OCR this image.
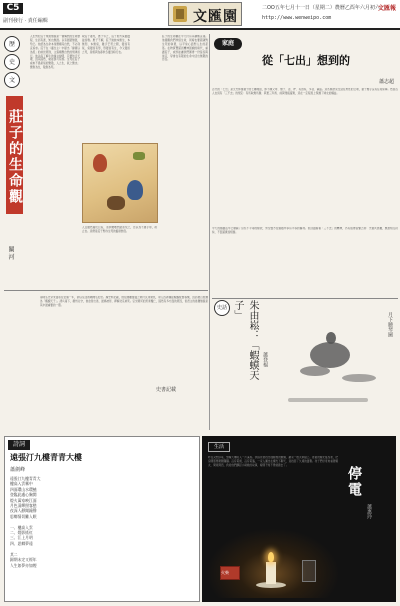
C5
副刊發行 · 責任編輯	文匯園
二OO五年七月十一日（星期二）農曆乙酉年六月初六
文匯報
http://www.wenweipo.com
歷
史
文
莊子的生命觀
關 河
人生對於莊子來說無疑是一個偶然的生命歷程，生而有涯，知也無涯。以有涯隨無涯，殆已。他認為生命本身應順其自然，不必刻意追求。莊子在《養生主》中提出「緣督以為經」的處世原則，主張順應自然的規律而行。他以庖丁解牛的寓言說明，只要依乎天理，因其固然，就能游刃有餘。生死在莊子看來不過是氣的聚散，人之生，氣之聚也；聚則為生，散則為死。
故莊子妻死，惠子弔之，莊子則方箕踞鼓盆而歌。惠子不解，莊子說她本無生，本無形，本無氣，雜乎芒芴之間，變而有氣，氣變而有形，形變而有生，今又變而之死，是相與為春秋冬夏四時行也。
人且偃然寢於巨室，而我噭噭然隨而哭之，自以為不通乎命，故止也。這便是莊子對待生死的豁達態度。
莊子的生命觀在今天仍有其積極意義。他提醒我們珍惜生命，同時也要超越對生死的執著，以平常心面對人生的起落。在物質豐富而精神困頓的時代，重讀莊子，或許能讓我們獲得一份從容與淡定，學會在有限的生命中活出無限的自在。
家庭
從「七出」想到的
蕭志超
古代的「七出」是丈夫休棄妻子的七種理由，即不順父母、無子、淫、妒、有惡疾、多言、竊盜。這些條款完全站在男性的立場，妻子幾乎沒有任何保障。然而古人也設有「三不去」的規定：有所取無所歸、與更三年喪、前貧賤後富貴，這在一定程度上保護了婦女的權益。
今天的婚姻法早已廢除了這些不平等的條款，男女雙方在婚姻中享有平等的權利。但回頭看看「三不去」的精神，仍有值得借鑒之處：夫妻共患難，應當相互扶持，不因富貴而相棄。
南明弘光帝朱由崧在位僅一年，卻以荒淫昏聵聞名於世。據史料記載，他在國難當頭之際仍沉迷聲色，命人四處捕捉蝦蟆配製春藥，因而被百姓譏為「蝦蟆天子」。清兵南下，揚州失守，他倉皇出逃，最終被俘，押解北京處死。弘光朝廷的迅速覆亡，固然有多方面的原因，但君主的昏庸無疑是其中最重要的一環。
史書記載
史話	朱由崧：「蝦蟆天子」
蕭登福
月下聽琴圖
詩詞
遠張汀九樓青青大樓
蕭劍峰
遠張汀九樓青青大
樓高入雲霧中
四面環山水環繞
登臨此處心胸開
燈火萬家映江面
月色清輝照客愁
夜深人靜聞鐘聲
思鄉情切難入眠

一、樓高入雲
二、燈影搖紅
三、江上月明
四、思鄉夢遠

其二
歸期未定又經年
人生如夢亦如煙
生活
昨夜突然停電，整幢大樓陷入一片漆黑。我摸索著找出抽屜裡的蠟燭，劃亮一根火柴點上。昏黃的燭光搖曳著，把房間照得朦朦朧朧。沒有電視，沒有電腦，一家人圍坐在燭光下聊天，竟找回了久違的溫馨。孩子們好奇地看著燭火，問東問西，我給他們講起小時候的故事，時間不知不覺就過去了。
停電
蕭惠玲
火柴
